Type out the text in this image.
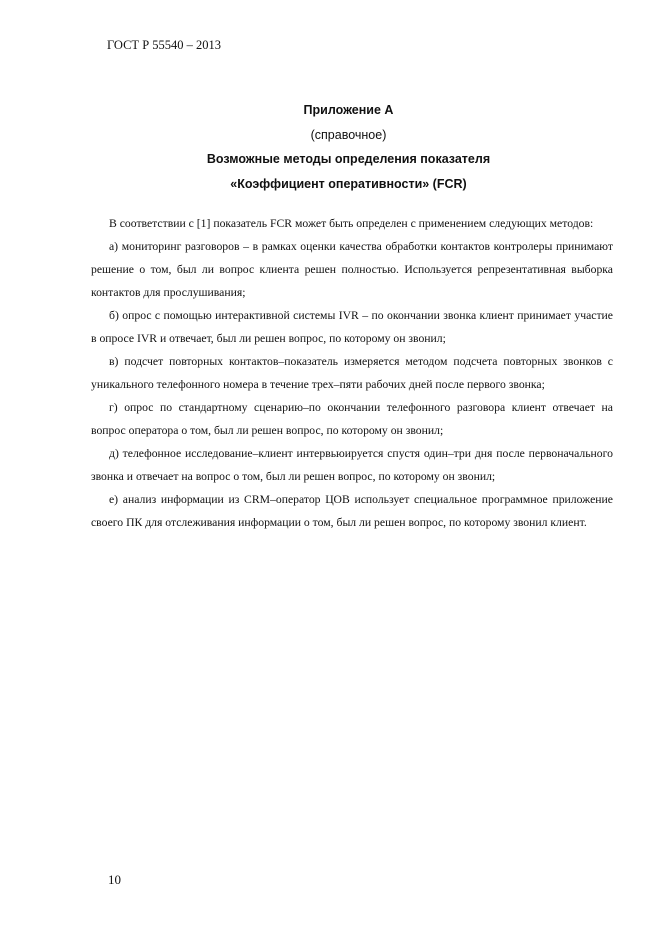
ГОСТ Р 55540 – 2013
Приложение А
(справочное)
Возможные методы определения показателя
«Коэффициент оперативности» (FCR)

В соответствии с [1] показатель FCR может быть определен с применением следующих методов:

а) мониторинг разговоров – в рамках оценки качества обработки контактов контролеры принимают решение о том, был ли вопрос клиента решен полностью. Используется репрезентативная выборка контактов для прослушивания;

б) опрос с помощью интерактивной системы IVR – по окончании звонка клиент принимает участие в опросе IVR и отвечает, был ли решен вопрос, по которому он звонил;

в) подсчет повторных контактов–показатель измеряется методом подсчета повторных звонков с уникального телефонного номера в течение трех–пяти рабочих дней после первого звонка;

г) опрос по стандартному сценарию–по окончании телефонного разговора клиент отвечает на вопрос оператора о том, был ли решен вопрос, по которому он звонил;

д) телефонное исследование–клиент интервьюируется спустя один–три дня после первоначального звонка и отвечает на вопрос о том, был ли решен вопрос, по которому он звонил;

е) анализ информации из CRM–оператор ЦОВ использует специальное программное приложение своего ПК для отслеживания информации о том, был ли решен вопрос, по которому звонил клиент.

10
